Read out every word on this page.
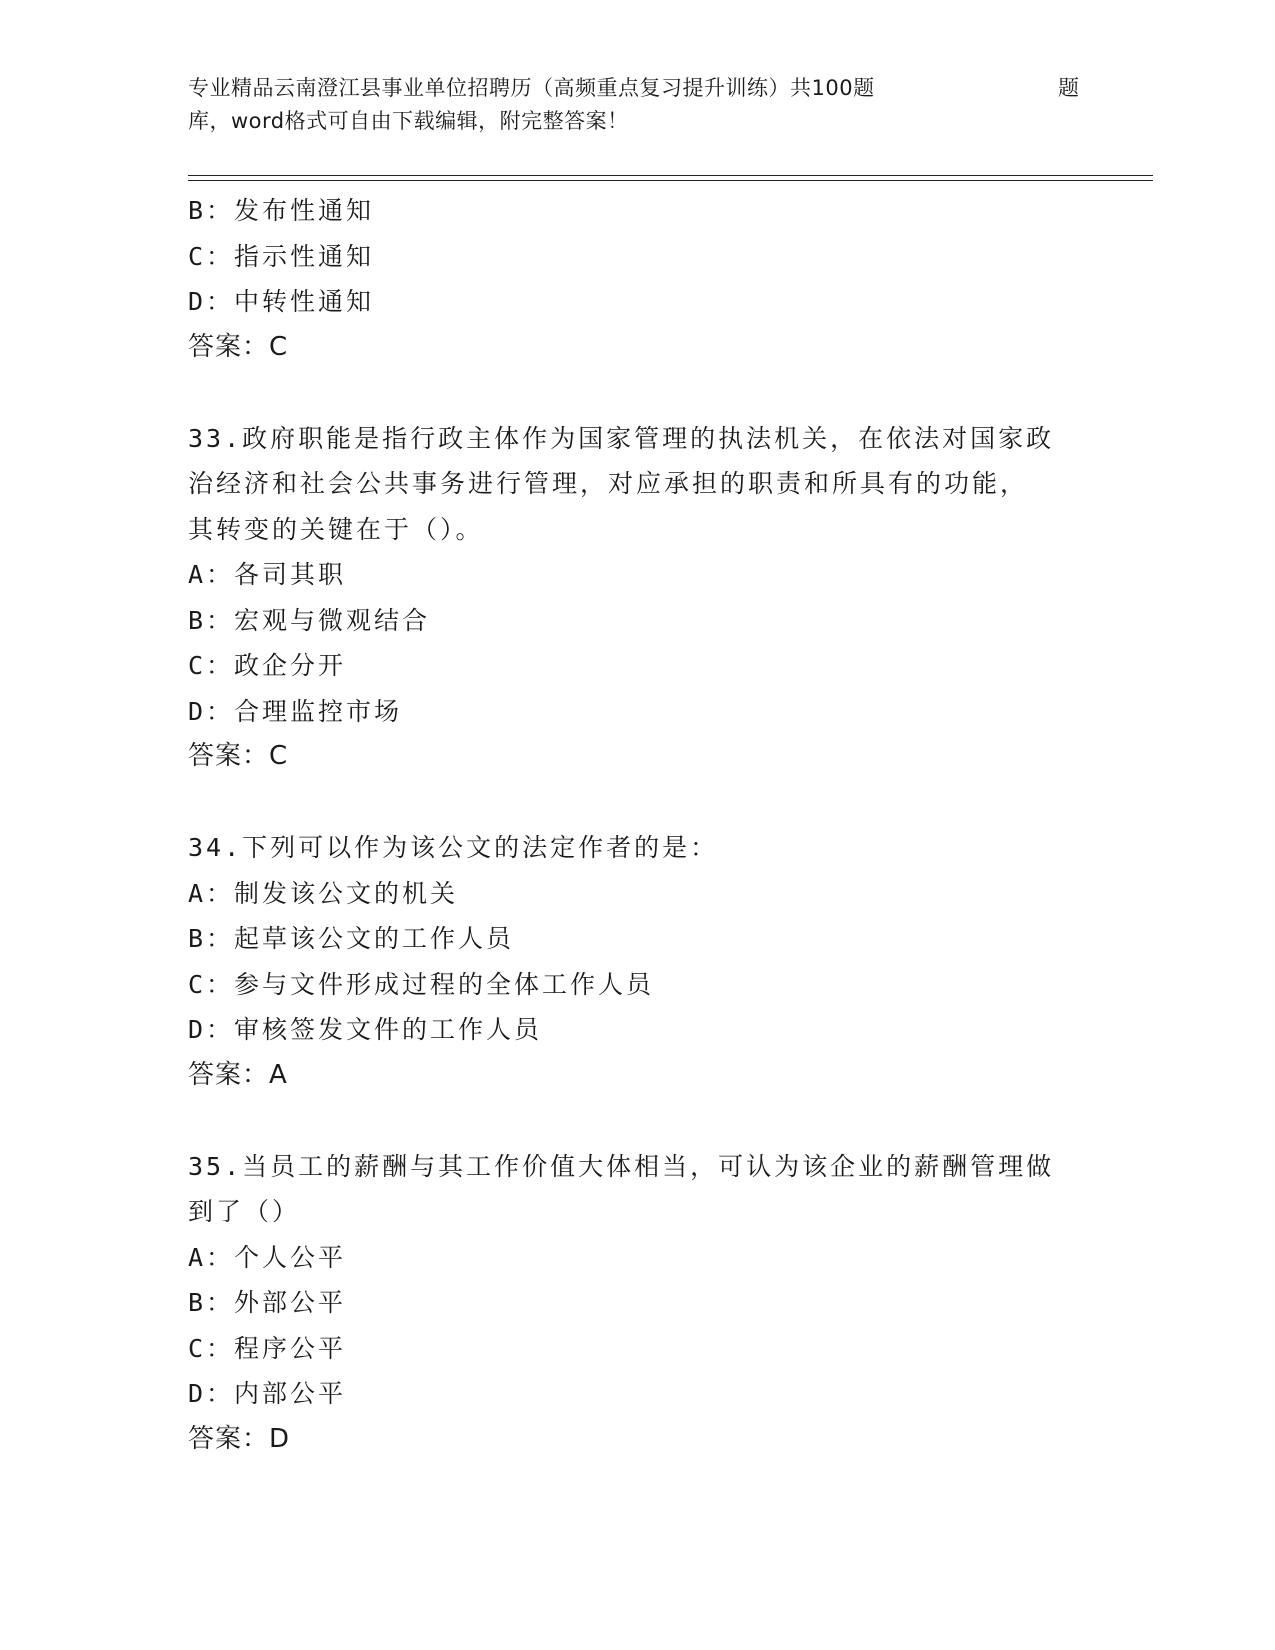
专业精品云南澄江县事业单位招聘历（高频重点复习提升训练）共100题	题
库，word格式可自由下载编辑，附完整答案！
B：发布性通知
C：指示性通知
D：中转性通知
答案：C
33.政府职能是指行政主体作为国家管理的执法机关，在依法对国家政
治经济和社会公共事务进行管理，对应承担的职责和所具有的功能，
其转变的关键在于（）。
A：各司其职
B：宏观与微观结合
C：政企分开
D：合理监控市场
答案：C
34.下列可以作为该公文的法定作者的是：
A：制发该公文的机关
B：起草该公文的工作人员
C：参与文件形成过程的全体工作人员
D：审核签发文件的工作人员
答案：A
35.当员工的薪酬与其工作价值大体相当，可认为该企业的薪酬管理做
到了（）
A：个人公平
B：外部公平
C：程序公平
D：内部公平
答案：D
